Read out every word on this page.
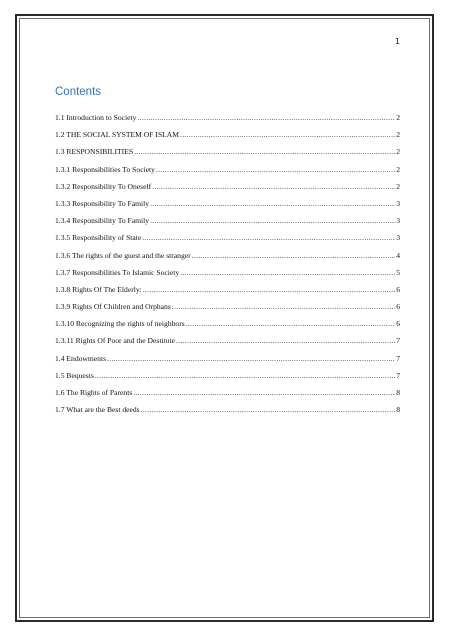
1
Contents
1.1 Introduction to Society .....	2
1.2 THE SOCIAL SYSTEM OF ISLAM .....	2
1.3 RESPONSIBILITIES .....	2
1.3.1 Responsibilities To Society .....	2
1.3.2 Responsibility To Oneself .....	2
1.3.3 Responsibility To Family .....	3
1.3.4 Responsibility To Family .....	3
1.3.5 Responsibility of State .....	3
1.3.6 The rights of the guest and the stranger .....	4
1.3.7 Responsibilities To Islamic Society .....	5
1.3.8 Rights Of The Elderly: .....	6
1.3.9 Rights Of Children and Orphans .....	6
1.3.10 Recognizing the rights of neighbors .....	6
1.3.11 Rights Of Poor and the Destitute .....	7
1.4 Endowments .....	7
1.5 Bequests .....	7
1.6 The Rights of Parents .....	8
1.7 What are the Best deeds .....	8
